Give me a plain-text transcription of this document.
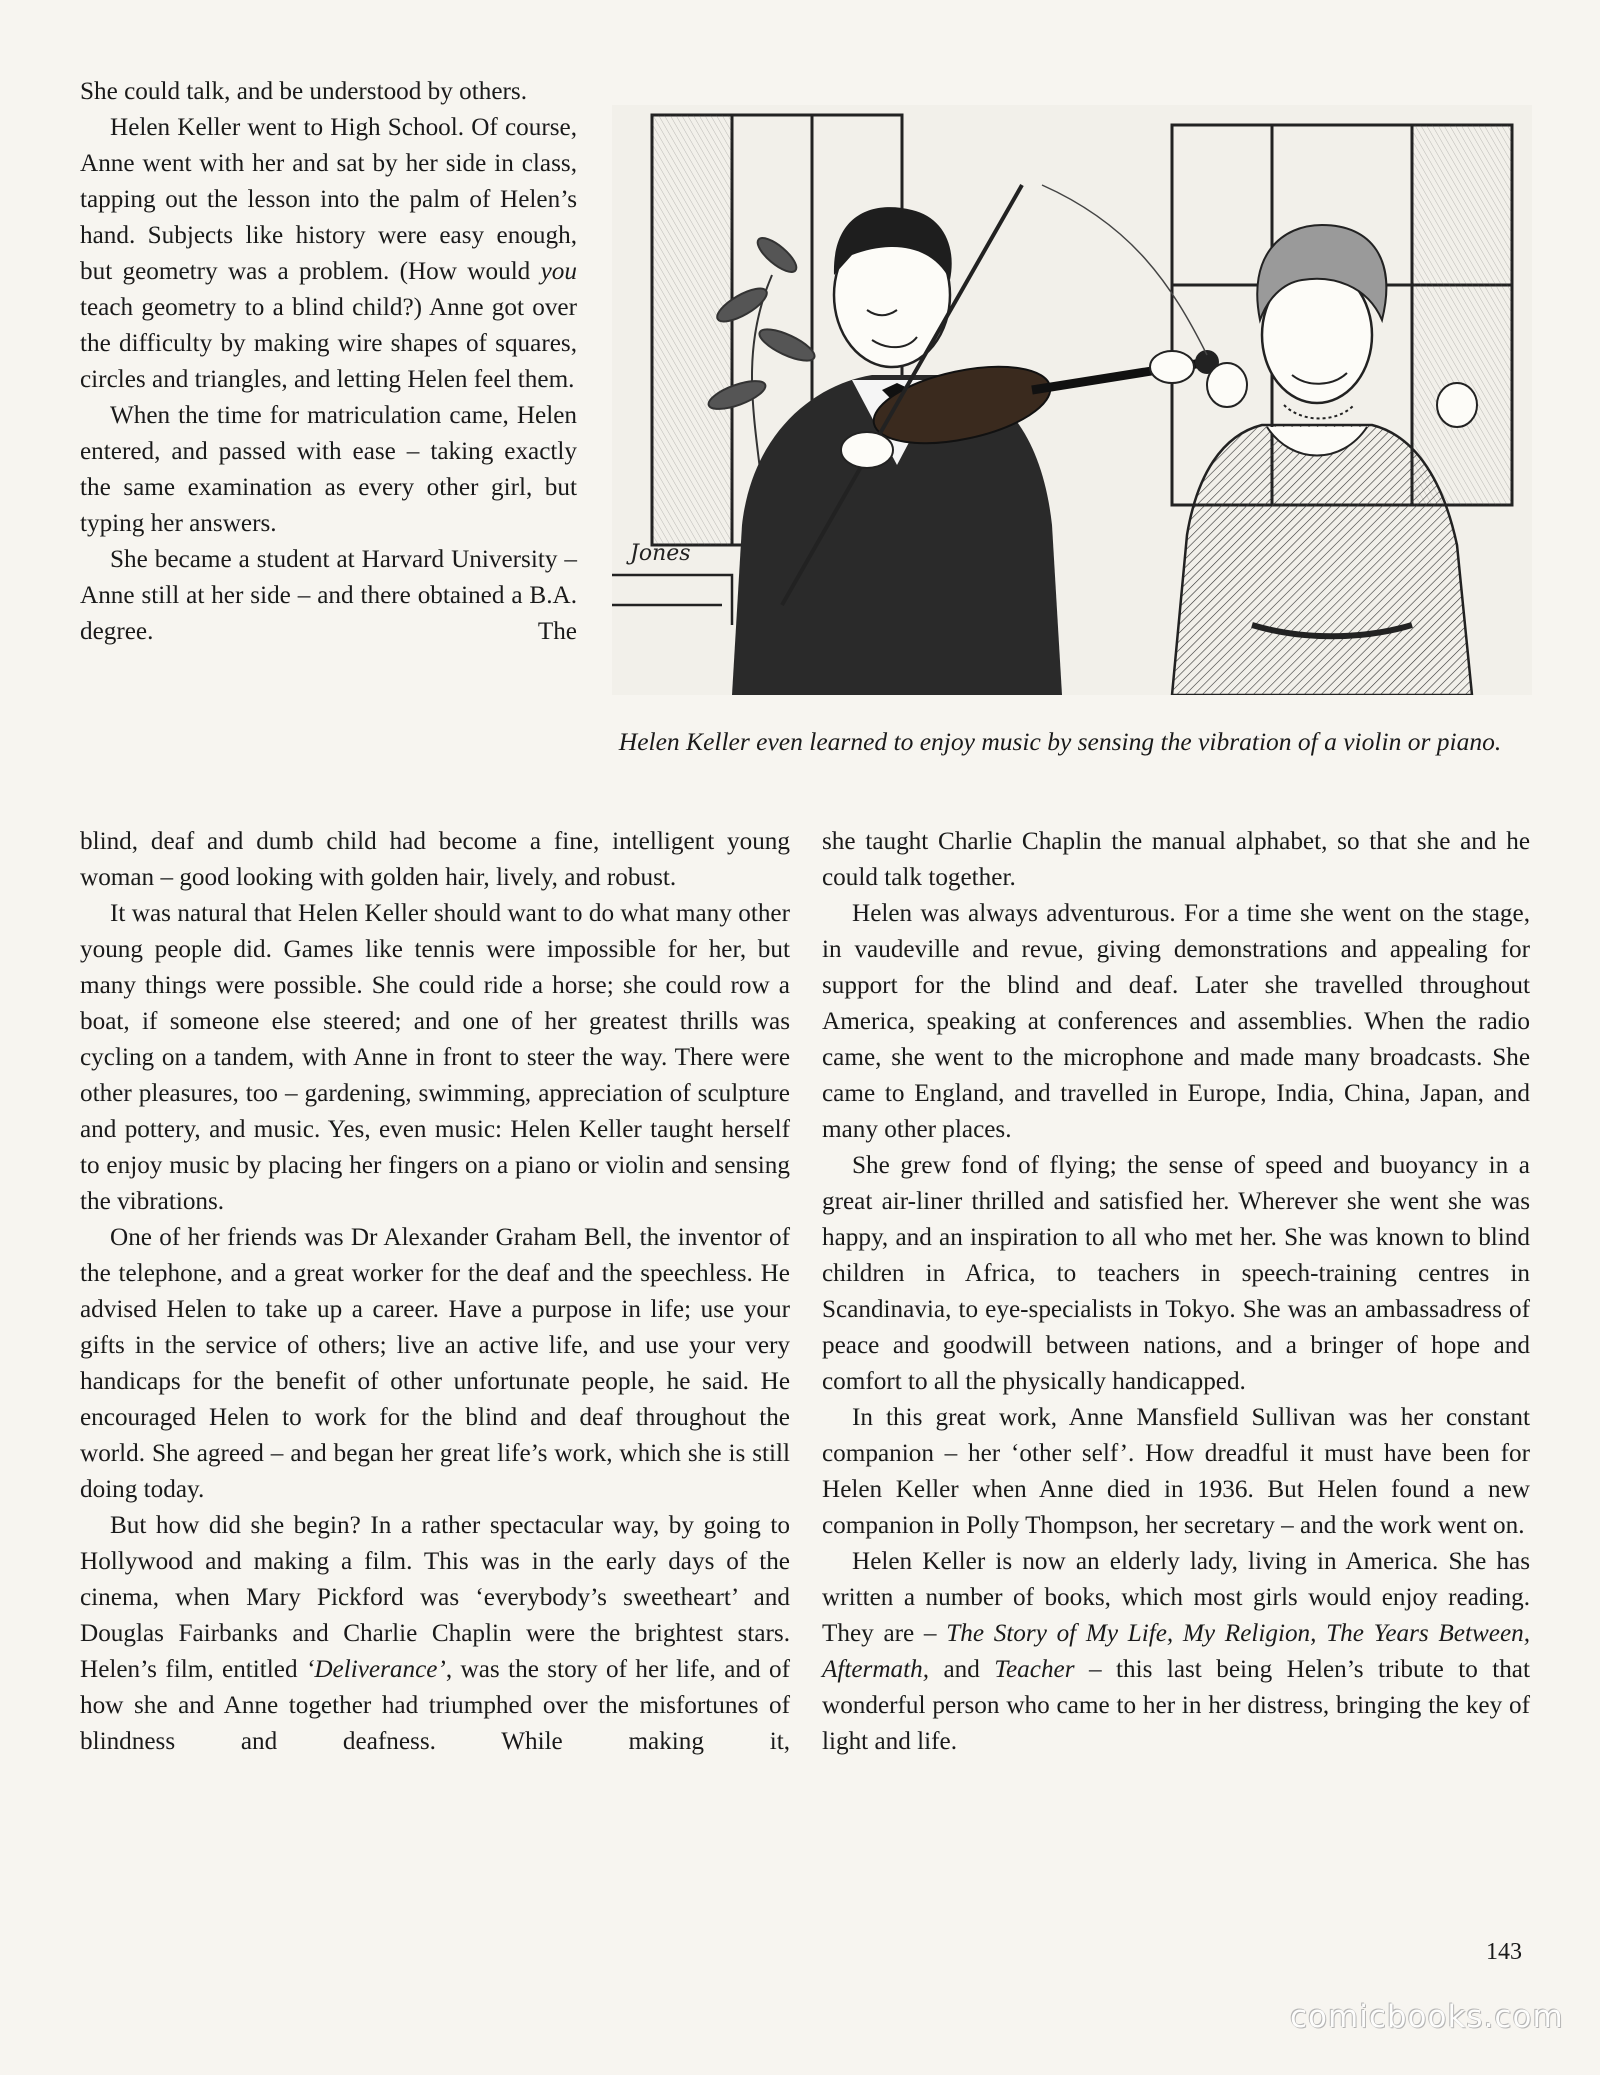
She could talk, and be understood by others.

Helen Keller went to High School. Of course, Anne went with her and sat by her side in class, tapping out the lesson into the palm of Helen’s hand. Subjects like history were easy enough, but geometry was a problem. (How would you teach geometry to a blind child?) Anne got over the difficulty by making wire shapes of squares, circles and triangles, and letting Helen feel them.

When the time for matriculation came, Helen entered, and passed with ease – taking exactly the same examination as every other girl, but typing her answers.

She became a student at Harvard University – Anne still at her side – and there obtained a B.A. degree. The

Jones

Helen Keller even learned to enjoy music by sensing the vibration of a violin or piano.

blind, deaf and dumb child had become a fine, intelligent young woman – good looking with golden hair, lively, and robust.

It was natural that Helen Keller should want to do what many other young people did. Games like tennis were impossible for her, but many things were possible. She could ride a horse; she could row a boat, if someone else steered; and one of her greatest thrills was cycling on a tandem, with Anne in front to steer the way. There were other pleasures, too – gardening, swimming, appreciation of sculpture and pottery, and music. Yes, even music: Helen Keller taught herself to enjoy music by placing her fingers on a piano or violin and sensing the vibrations.

One of her friends was Dr Alexander Graham Bell, the inventor of the telephone, and a great worker for the deaf and the speechless. He advised Helen to take up a career. Have a purpose in life; use your gifts in the service of others; live an active life, and use your very handicaps for the benefit of other unfortunate people, he said. He encouraged Helen to work for the blind and deaf throughout the world. She agreed – and began her great life’s work, which she is still doing today.

But how did she begin? In a rather spectacular way, by going to Hollywood and making a film. This was in the early days of the cinema, when Mary Pickford was ‘everybody’s sweetheart’ and Douglas Fairbanks and Charlie Chaplin were the brightest stars. Helen’s film, entitled ‘Deliverance’, was the story of her life, and of how she and Anne together had triumphed over the misfortunes of blindness and deafness. While making it,

she taught Charlie Chaplin the manual alphabet, so that she and he could talk together.

Helen was always adventurous. For a time she went on the stage, in vaudeville and revue, giving demonstrations and appealing for support for the blind and deaf. Later she travelled throughout America, speaking at conferences and assemblies. When the radio came, she went to the microphone and made many broadcasts. She came to England, and travelled in Europe, India, China, Japan, and many other places.

She grew fond of flying; the sense of speed and buoyancy in a great air-liner thrilled and satisfied her. Wherever she went she was happy, and an inspiration to all who met her. She was known to blind children in Africa, to teachers in speech-training centres in Scandinavia, to eye-specialists in Tokyo. She was an ambassadress of peace and goodwill between nations, and a bringer of hope and comfort to all the physically handicapped.

In this great work, Anne Mansfield Sullivan was her constant companion – her ‘other self’. How dreadful it must have been for Helen Keller when Anne died in 1936. But Helen found a new companion in Polly Thompson, her secretary – and the work went on.

Helen Keller is now an elderly lady, living in America. She has written a number of books, which most girls would enjoy reading. They are – The Story of My Life, My Religion, The Years Between, Aftermath, and Teacher – this last being Helen’s tribute to that wonderful person who came to her in her distress, bringing the key of light and life.

143
comicbooks.com
